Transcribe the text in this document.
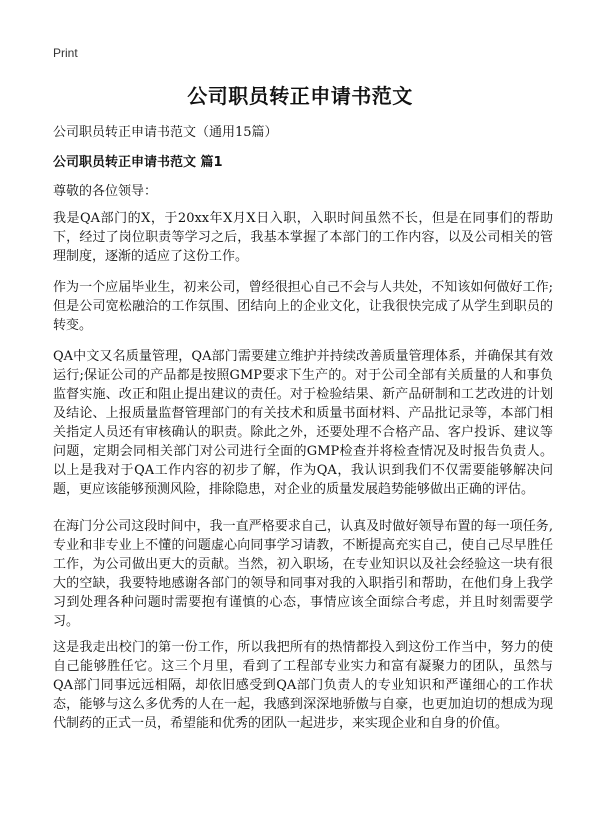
Print
公司职员转正申请书范文
公司职员转正申请书范文（通用15篇）
公司职员转正申请书范文 篇1
尊敬的各位领导：

我是QA部门的X，于20xx年X月X日入职，入职时间虽然不长，但是在同事们的帮助下，经过了岗位职责等学习之后，我基本掌握了本部门的工作内容，以及公司相关的管理制度，逐渐的适应了这份工作。

作为一个应届毕业生，初来公司，曾经很担心自己不会与人共处，不知该如何做好工作;但是公司宽松融洽的工作氛围、团结向上的企业文化，让我很快完成了从学生到职员的转变。

QA中文又名质量管理，QA部门需要建立维护并持续改善质量管理体系，并确保其有效运行;保证公司的产品都是按照GMP要求下生产的。对于公司全部有关质量的人和事负监督实施、改正和阻止提出建议的责任。对于检验结果、新产品研制和工艺改进的计划及结论、上报质量监督管理部门的有关技术和质量书面材料、产品批记录等，本部门相关指定人员还有审核确认的职责。除此之外，还要处理不合格产品、客户投诉、建议等问题，定期会同相关部门对公司进行全面的GMP检查并将检查情况及时报告负责人。以上是我对于QA工作内容的初步了解，作为QA，我认识到我们不仅需要能够解决问题，更应该能够预测风险，排除隐患，对企业的质量发展趋势能够做出正确的评估。

在海门分公司这段时间中，我一直严格要求自己，认真及时做好领导布置的每一项任务,专业和非专业上不懂的问题虚心向同事学习请教，不断提高充实自己，使自己尽早胜任工作，为公司做出更大的贡献。当然，初入职场，在专业知识以及社会经验这一块有很大的空缺，我要特地感谢各部门的领导和同事对我的入职指引和帮助，在他们身上我学习到处理各种问题时需要抱有谨慎的心态，事情应该全面综合考虑，并且时刻需要学习。

这是我走出校门的第一份工作，所以我把所有的热情都投入到这份工作当中，努力的使自己能够胜任它。这三个月里，看到了工程部专业实力和富有凝聚力的团队，虽然与QA部门同事远远相隔，却依旧感受到QA部门负责人的专业知识和严谨细心的工作状态，能够与这么多优秀的人在一起，我感到深深地骄傲与自豪，也更加迫切的想成为现代制药的正式一员，希望能和优秀的团队一起进步，来实现企业和自身的价值。
